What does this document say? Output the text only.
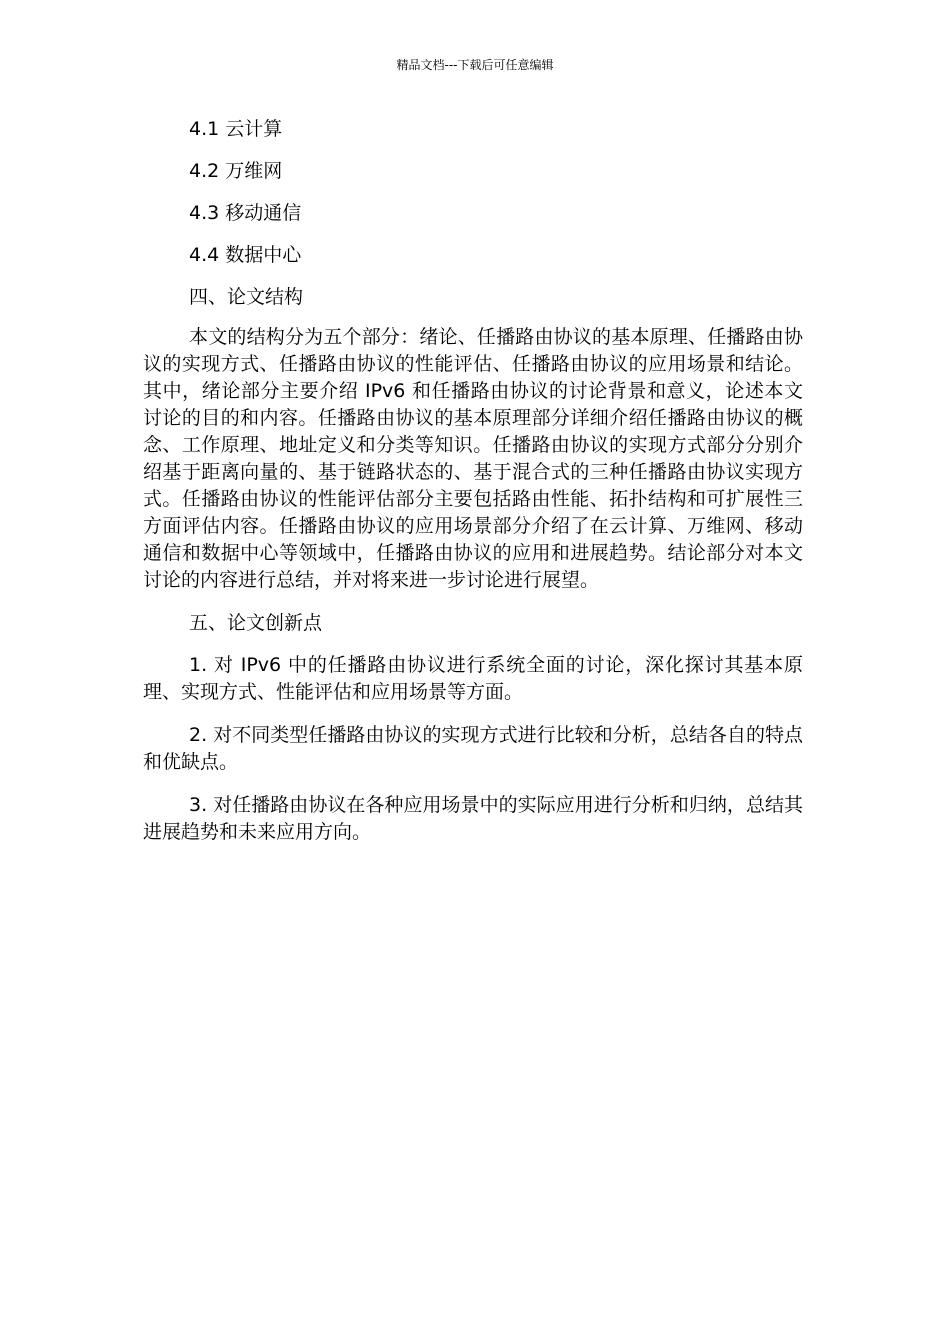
精品文档---下载后可任意编辑

4.1 云计算

4.2 万维网

4.3 移动通信

4.4 数据中心

四、论文结构

本文的结构分为五个部分：绪论、任播路由协议的基本原理、任播路由协议的实现方式、任播路由协议的性能评估、任播路由协议的应用场景和结论。其中，绪论部分主要介绍 IPv6 和任播路由协议的讨论背景和意义，论述本文讨论的目的和内容。任播路由协议的基本原理部分详细介绍任播路由协议的概念、工作原理、地址定义和分类等知识。任播路由协议的实现方式部分分别介绍基于距离向量的、基于链路状态的、基于混合式的三种任播路由协议实现方式。任播路由协议的性能评估部分主要包括路由性能、拓扑结构和可扩展性三方面评估内容。任播路由协议的应用场景部分介绍了在云计算、万维网、移动通信和数据中心等领域中，任播路由协议的应用和进展趋势。结论部分对本文讨论的内容进行总结，并对将来进一步讨论进行展望。

五、论文创新点

1. 对 IPv6 中的任播路由协议进行系统全面的讨论，深化探讨其基本原理、实现方式、性能评估和应用场景等方面。

2. 对不同类型任播路由协议的实现方式进行比较和分析，总结各自的特点和优缺点。

3. 对任播路由协议在各种应用场景中的实际应用进行分析和归纳，总结其进展趋势和未来应用方向。
